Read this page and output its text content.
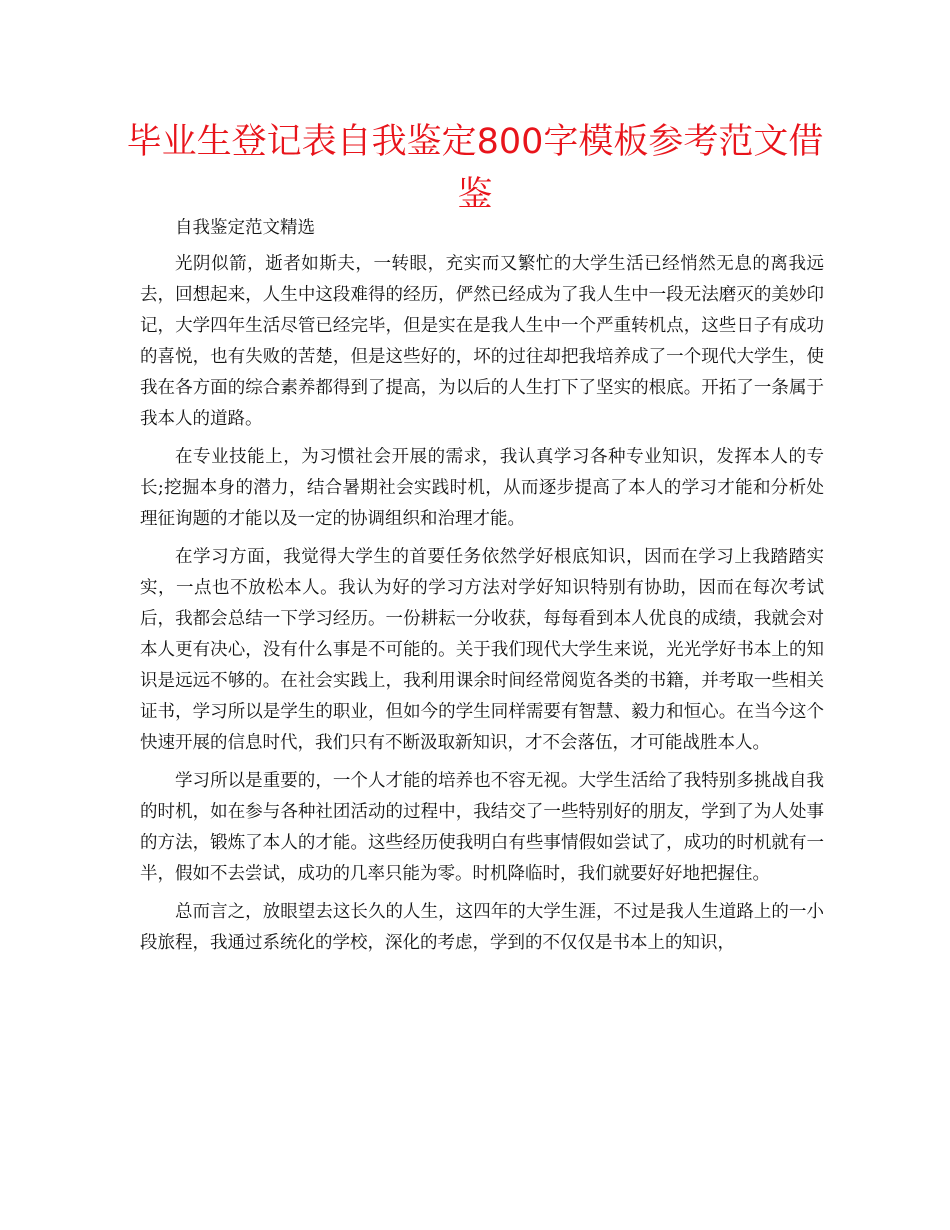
毕业生登记表自我鉴定800字模板参考范文借鉴

自我鉴定范文精选

光阴似箭，逝者如斯夫，一转眼，充实而又繁忙的大学生活已经悄然无息的离我远去，回想起来，人生中这段难得的经历，俨然已经成为了我人生中一段无法磨灭的美妙印记，大学四年生活尽管已经完毕，但是实在是我人生中一个严重转机点，这些日子有成功的喜悦，也有失败的苦楚，但是这些好的，坏的过往却把我培养成了一个现代大学生，使我在各方面的综合素养都得到了提高，为以后的人生打下了坚实的根底。开拓了一条属于我本人的道路。

在专业技能上，为习惯社会开展的需求，我认真学习各种专业知识，发挥本人的专长;挖掘本身的潜力，结合暑期社会实践时机，从而逐步提高了本人的学习才能和分析处理征询题的才能以及一定的协调组织和治理才能。

在学习方面，我觉得大学生的首要任务依然学好根底知识，因而在学习上我踏踏实实，一点也不放松本人。我认为好的学习方法对学好知识特别有协助，因而在每次考试后，我都会总结一下学习经历。一份耕耘一分收获，每每看到本人优良的成绩，我就会对本人更有决心，没有什么事是不可能的。关于我们现代大学生来说，光光学好书本上的知识是远远不够的。在社会实践上，我利用课余时间经常阅览各类的书籍，并考取一些相关证书，学习所以是学生的职业，但如今的学生同样需要有智慧、毅力和恒心。在当今这个快速开展的信息时代，我们只有不断汲取新知识，才不会落伍，才可能战胜本人。

学习所以是重要的，一个人才能的培养也不容无视。大学生活给了我特别多挑战自我的时机，如在参与各种社团活动的过程中，我结交了一些特别好的朋友，学到了为人处事的方法，锻炼了本人的才能。这些经历使我明白有些事情假如尝试了，成功的时机就有一半，假如不去尝试，成功的几率只能为零。时机降临时，我们就要好好地把握住。

总而言之，放眼望去这长久的人生，这四年的大学生涯，不过是我人生道路上的一小段旅程，我通过系统化的学校，深化的考虑，学到的不仅仅是书本上的知识，
